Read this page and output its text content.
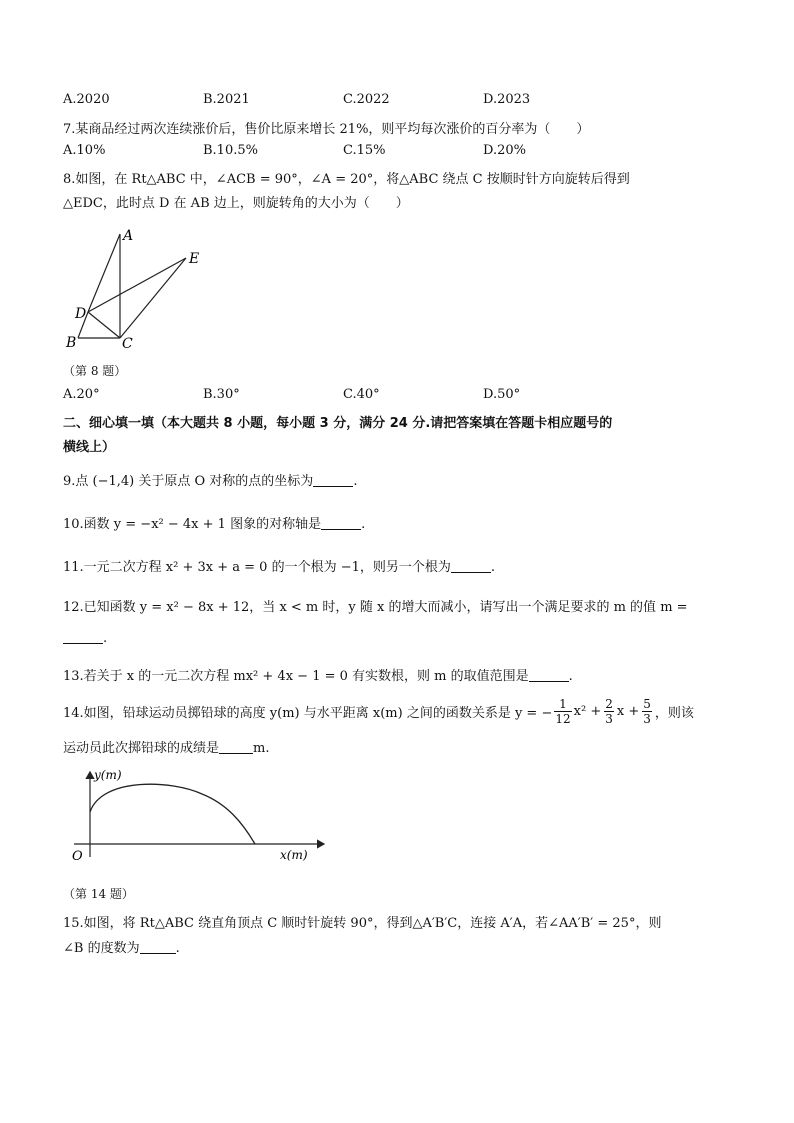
A.2020	B.2021	C.2022	D.2023
7.某商品经过两次连续涨价后，售价比原来增长 21%，则平均每次涨价的百分率为（　　）
A.10%	B.10.5%	C.15%	D.20%
8.如图，在 Rt△ABC 中，∠ACB = 90°，∠A = 20°，将△ABC 绕点 C 按顺时针方向旋转后得到
△EDC，此时点 D 在 AB 边上，则旋转角的大小为（　　）
A
E
D
B	C
（第 8 题）
A.20°	B.30°	C.40°	D.50°
二、细心填一填（本大题共 8 小题，每小题 3 分，满分 24 分.请把答案填在答题卡相应题号的
横线上）
9.点 (−1,4) 关于原点 O 对称的点的坐标为	.
10.函数 y = −x² − 4x + 1 图象的对称轴是	.
11.一元二次方程 x² + 3x + a = 0 的一个根为 −1，则另一个根为	.
12.已知函数 y = x² − 8x + 12，当 x < m 时，y 随 x 的增大而减小，请写出一个满足要求的 m 的值 m =
.
13.若关于 x 的一元二次方程 mx² + 4x − 1 = 0 有实数根，则 m 的取值范围是	.
14.如图，铅球运动员掷铅球的高度 y(m) 与水平距离 x(m) 之间的函数关系是 y = − $\frac{1}{12} x^2 + \frac{2}{3}$ $x + \frac{5}{3}$ ，则该
运动员此次掷铅球的成绩是	m.
y(m)
x(m)
O
（第 14 题）
15.如图，将 Rt△ABC 绕直角顶点 C 顺时针旋转 90°，得到△A′B′C，连接 A′A，若∠AA′B′ = 25°，则
∠B 的度数为	.
